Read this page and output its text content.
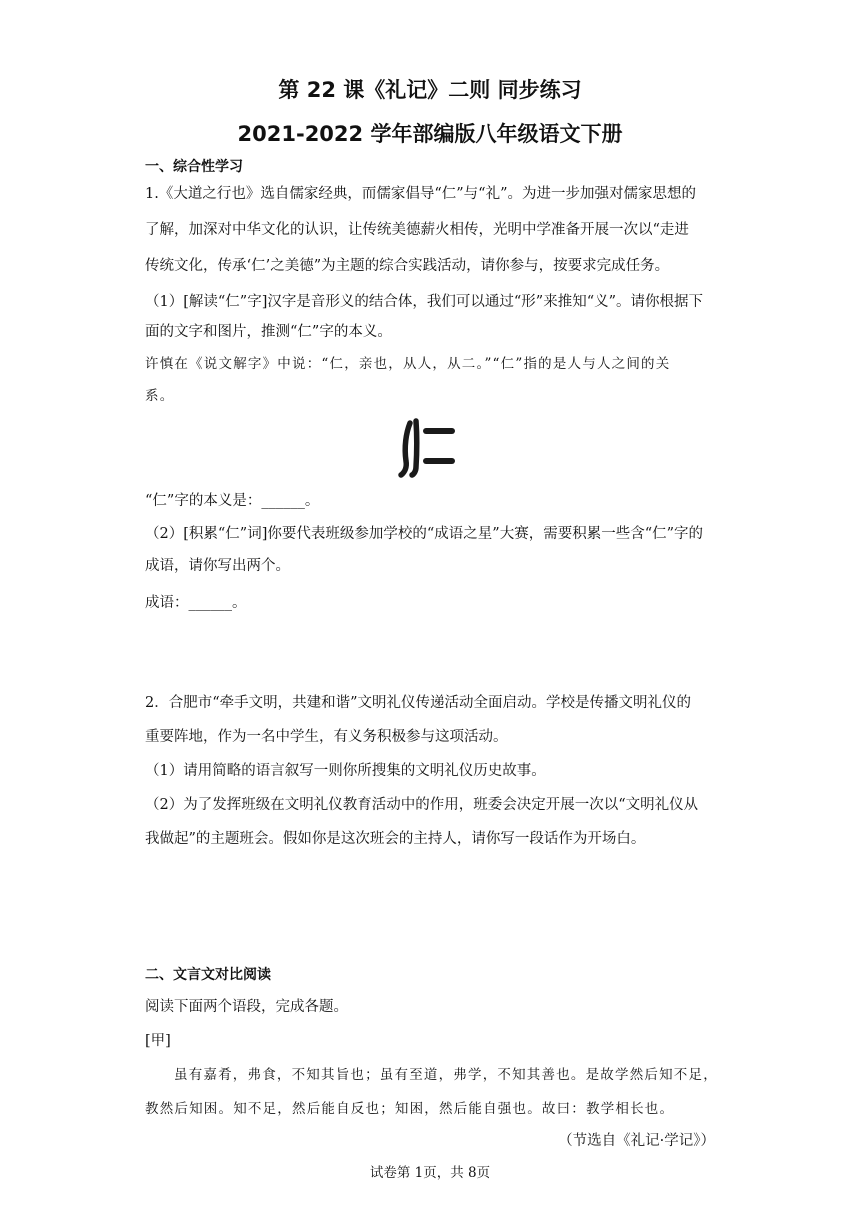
第 22 课《礼记》二则 同步练习
2021-2022 学年部编版八年级语文下册
一、综合性学习
1.《大道之行也》选自儒家经典，而儒家倡导“仁”与“礼”。为进一步加强对儒家思想的
了解，加深对中华文化的认识，让传统美德薪火相传，光明中学准备开展一次以“走进
传统文化，传承‘仁’之美德”为主题的综合实践活动，请你参与，按要求完成任务。
（1）[解读“仁”字]汉字是音形义的结合体，我们可以通过“形”来推知“义”。请你根据下
面的文字和图片，推测“仁”字的本义。
许慎在《说文解字》中说：“仁，亲也，从人，从二。”“仁”指的是人与人之间的关
系。
“仁”字的本义是：______。
（2）[积累“仁”词]你要代表班级参加学校的“成语之星”大赛，需要积累一些含“仁”字的
成语，请你写出两个。
成语：______。
2．合肥市“牵手文明，共建和谐”文明礼仪传递活动全面启动。学校是传播文明礼仪的
重要阵地，作为一名中学生，有义务积极参与这项活动。
（1）请用简略的语言叙写一则你所搜集的文明礼仪历史故事。
（2）为了发挥班级在文明礼仪教育活动中的作用，班委会决定开展一次以“文明礼仪从
我做起”的主题班会。假如你是这次班会的主持人，请你写一段话作为开场白。
二、文言文对比阅读
阅读下面两个语段，完成各题。
[甲]
虽有嘉肴，弗食，不知其旨也；虽有至道，弗学，不知其善也。是故学然后知不足，
教然后知困。知不足，然后能自反也；知困，然后能自强也。故曰：教学相长也。
（节选自《礼记·学记》）
试卷第 1页，共 8页
